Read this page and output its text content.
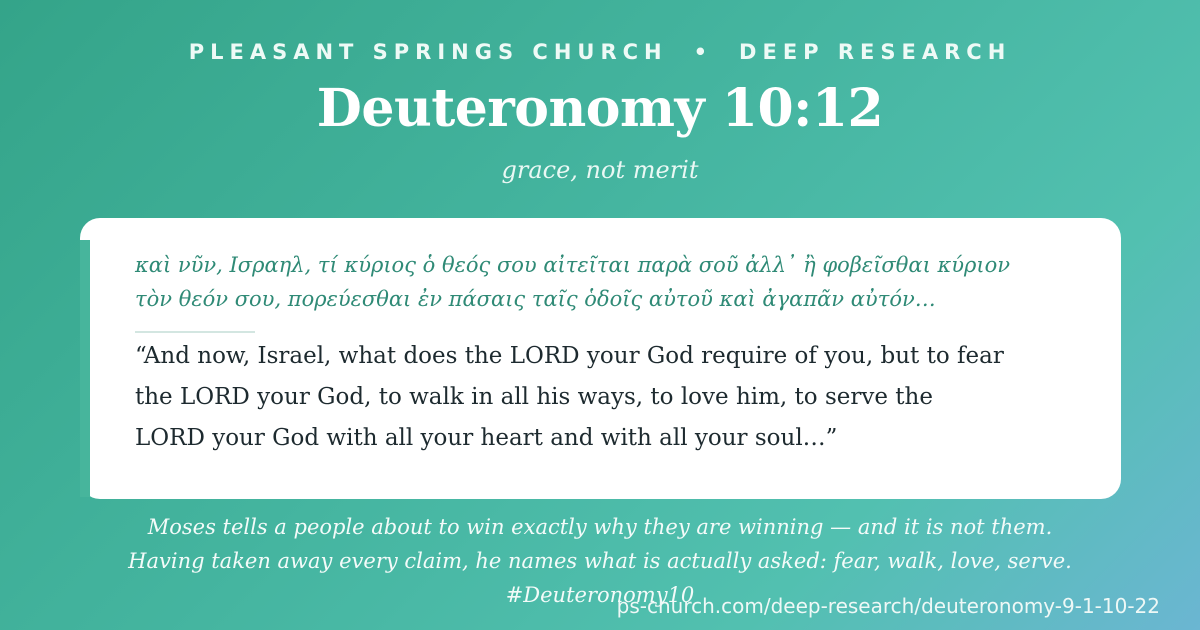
PLEASANT SPRINGS CHURCH • DEEP RESEARCH
Deuteronomy 10:12
grace, not merit
καὶ νῦν, Ισραηλ, τί κύριος ὁ θεός σου αἰτεῖται παρὰ σοῦ ἀλλ᾽ ἢ φοβεῖσθαι κύριον
τὸν θεόν σου, πορεύεσθαι ἐν πάσαις ταῖς ὁδοῖς αὐτοῦ καὶ ἀγαπᾶν αὐτόν…
“And now, Israel, what does the LORD your God require of you, but to fear
the LORD your God, to walk in all his ways, to love him, to serve the
LORD your God with all your heart and with all your soul…”
Moses tells a people about to win exactly why they are winning — and it is not them.
Having taken away every claim, he names what is actually asked: fear, walk, love, serve.
#Deuteronomy10
ps-church.com/deep-research/deuteronomy-9-1-10-22
